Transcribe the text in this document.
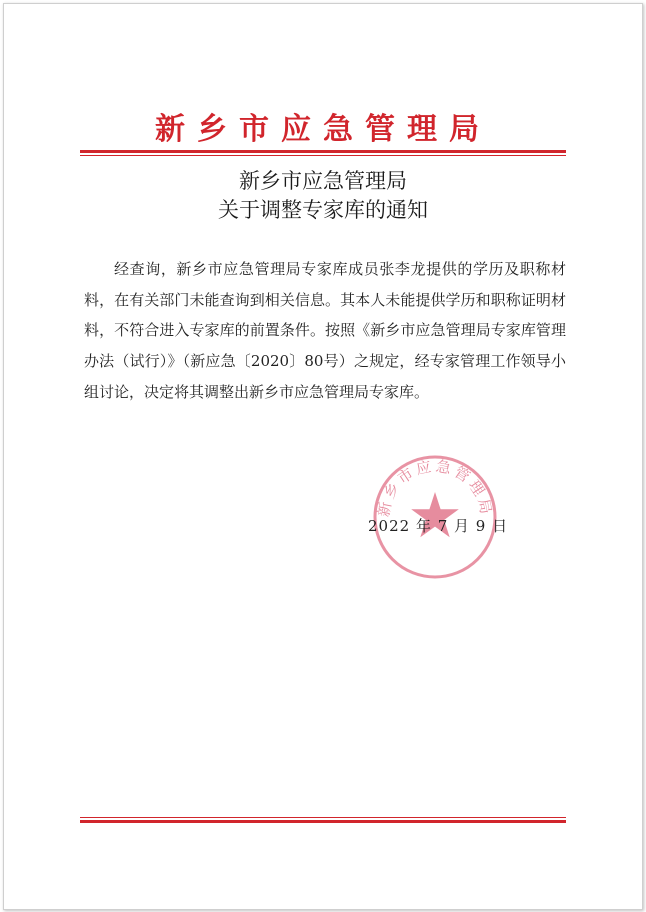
新乡市应急管理局
新乡市应急管理局
关于调整专家库的通知

经查询，新乡市应急管理局专家库成员张李龙提供的学历及职称材料，在有关部门未能查询到相关信息。其本人未能提供学历和职称证明材料，不符合进入专家库的前置条件。按照《新乡市应急管理局专家库管理办法（试行）》（新应急〔2020〕80号）之规定，经专家管理工作领导小组讨论，决定将其调整出新乡市应急管理局专家库。

新乡市应急管理局
2022 年 7 月 9 日
